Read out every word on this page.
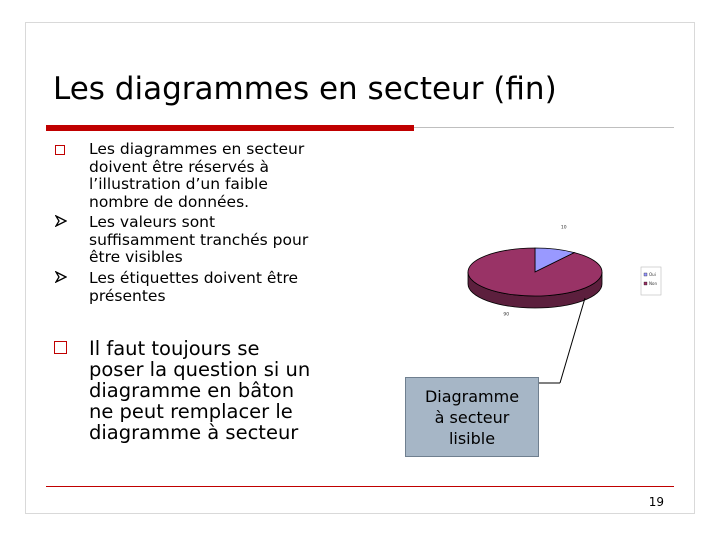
Les diagrammes en secteur (fin)
Les diagrammes en secteur
doivent être réservés à
l’illustration d’un faible
nombre de données.
Les valeurs sont
suffisamment tranchés pour
être visibles
Les étiquettes doivent être
présentes
Il faut toujours se
poser la question si un
diagramme en bâton
ne peut remplacer le
diagramme à secteur
10
90
Oui
Non
Diagramme
à secteur
lisible
19
